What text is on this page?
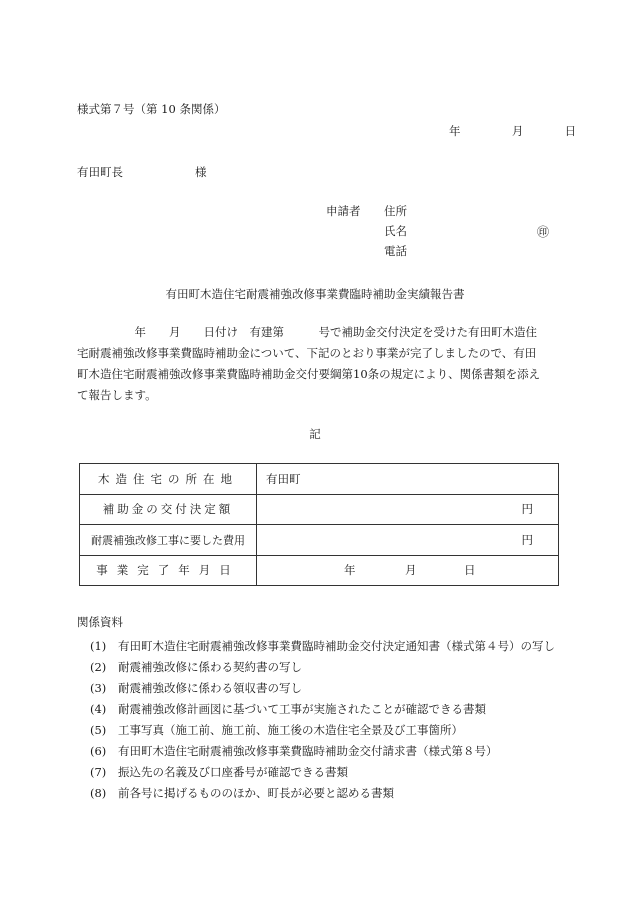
様式第７号（第 10 条関係）
年	月	日
有田町長	様
申請者 住所
氏名	㊞
電話
有田町木造住宅耐震補強改修事業費臨時補助金実績報告書

　　　　　年　　月　　日付け　有建第　　　号で補助金交付決定を受けた有田町木造住

宅耐震補強改修事業費臨時補助金について、下記のとおり事業が完了しましたので、有田

町木造住宅耐震補強改修事業費臨時補助金交付要綱第10条の規定により、関係書類を添え

て報告します。

記
木造住宅の所在地	有田町
補助金の交付決定額	円

耐震補強改修工事に要した費用	円

事業完了年月日	年 月 日
関係資料
(1)	有田町木造住宅耐震補強改修事業費臨時補助金交付決定通知書（様式第４号）の写し
(2)	耐震補強改修に係わる契約書の写し
(3)	耐震補強改修に係わる領収書の写し
(4)	耐震補強改修計画図に基づいて工事が実施されたことが確認できる書類
(5)	工事写真（施工前、施工前、施工後の木造住宅全景及び工事箇所）
(6)	有田町木造住宅耐震補強改修事業費臨時補助金交付請求書（様式第８号）
(7)	振込先の名義及び口座番号が確認できる書類
(8)	前各号に掲げるもののほか、町長が必要と認める書類
